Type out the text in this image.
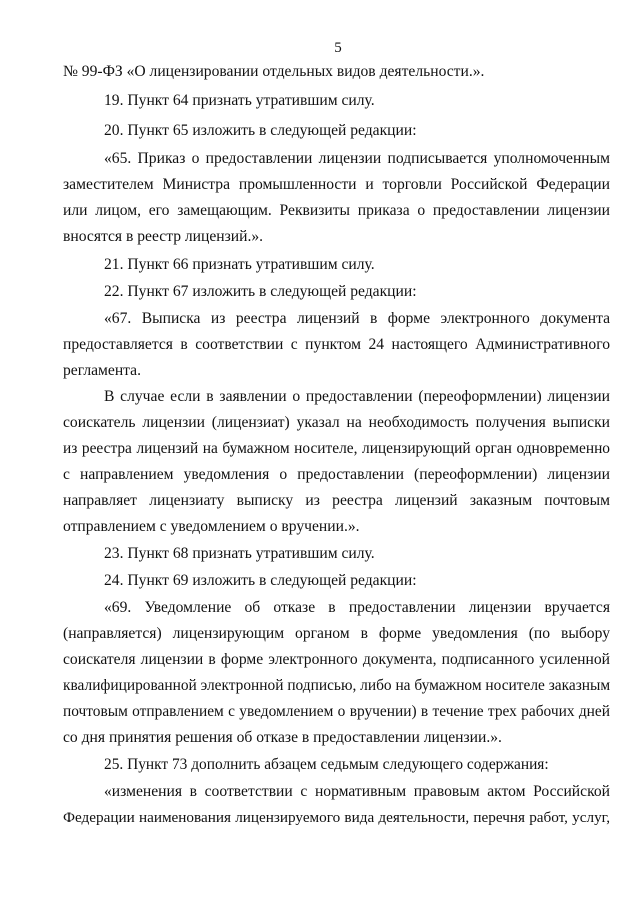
5
№ 99-ФЗ «О лицензировании отдельных видов деятельности.».
19. Пункт 64 признать утратившим силу.
20. Пункт 65 изложить в следующей редакции:
«65. Приказ о предоставлении лицензии подписывается уполномоченным
заместителем Министра промышленности и торговли Российской Федерации
или лицом, его замещающим. Реквизиты приказа о предоставлении лицензии
вносятся в реестр лицензий.».
21. Пункт 66 признать утратившим силу.
22. Пункт 67 изложить в следующей редакции:
«67. Выписка из реестра лицензий в форме электронного документа
предоставляется в соответствии с пунктом 24 настоящего Административного
регламента.
В случае если в заявлении о предоставлении (переоформлении) лицензии
соискатель лицензии (лицензиат) указал на необходимость получения выписки
из реестра лицензий на бумажном носителе, лицензирующий орган одновременно
с направлением уведомления о предоставлении (переоформлении) лицензии
направляет лицензиату выписку из реестра лицензий заказным почтовым
отправлением с уведомлением о вручении.».
23. Пункт 68 признать утратившим силу.
24. Пункт 69 изложить в следующей редакции:
«69. Уведомление об отказе в предоставлении лицензии вручается
(направляется) лицензирующим органом в форме уведомления (по выбору
соискателя лицензии в форме электронного документа, подписанного усиленной
квалифицированной электронной подписью, либо на бумажном носителе заказным
почтовым отправлением с уведомлением о вручении) в течение трех рабочих дней
со дня принятия решения об отказе в предоставлении лицензии.».
25. Пункт 73 дополнить абзацем седьмым следующего содержания:
«изменения в соответствии с нормативным правовым актом Российской
Федерации наименования лицензируемого вида деятельности, перечня работ, услуг,
